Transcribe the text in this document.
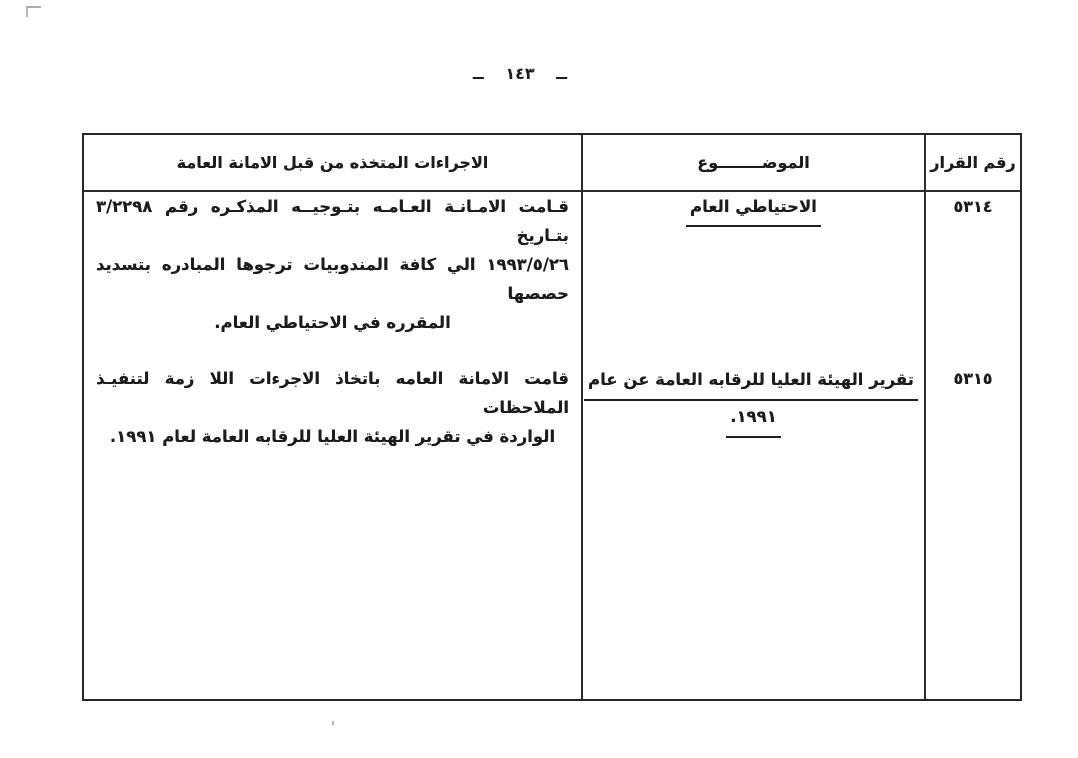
ــ ١٤٣ ــ
رقم القرار
الموضــــــــوع
الاجراءات المتخذه من قبل الامانة العامة
٥٣١٤
الاحتياطي العام
قـامت الامـانـة العـامـه بتـوجيــه المذكـره رقم ٣/٢٢٩٨ بتـاريخ
١٩٩٣/٥/٢٦ الي كافة المندوبيات ترجوها المبادره بتسديد حصصها
المقرره في الاحتياطي العام.
٥٣١٥
تقرير الهيئة العليا للرقابه العامة عن عام
١٩٩١.
قامت الامانة العامه باتخاذ الاجرءات اللا زمة لتنفيـذ الملاحظات
الواردة في تقرير الهيئة العليا للرقابه العامة لعام ١٩٩١.
